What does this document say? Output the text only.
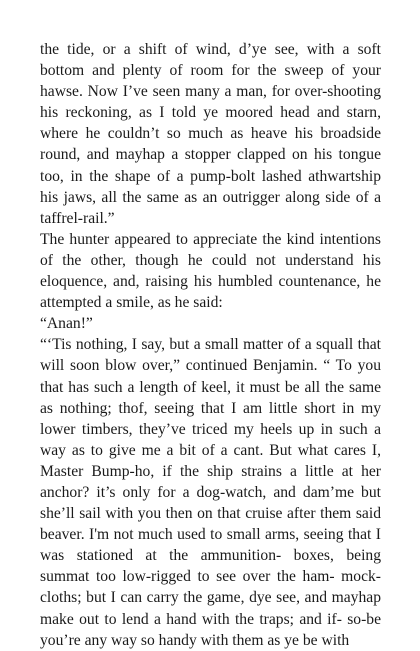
the tide, or a shift of wind, d’ye see, with a soft bottom and plenty of room for the sweep of your hawse. Now I’ve seen many a man, for over-shooting his reckoning, as I told ye moored head and starn, where he couldn’t so much as heave his broadside round, and mayhap a stopper clapped on his tongue too, in the shape of a pump-bolt lashed athwartship his jaws, all the same as an outrigger along side of a taffrel-rail.”

The hunter appeared to appreciate the kind intentions of the other, though he could not understand his eloquence, and, raising his humbled countenance, he attempted a smile, as he said:

“Anan!”

“‘Tis nothing, I say, but a small matter of a squall that will soon blow over,” continued Benjamin. “ To you that has such a length of keel, it must be all the same as nothing; thof, seeing that I am little short in my lower timbers, they’ve triced my heels up in such a way as to give me a bit of a cant. But what cares I, Master Bump-ho, if the ship strains a little at her anchor? it’s only for a dog-watch, and dam’me but she’ll sail with you then on that cruise after them said beaver. I'm not much used to small arms, seeing that I was stationed at the ammunition- boxes, being summat too low-rigged to see over the ham- mock-cloths; but I can carry the game, dye see, and mayhap make out to lend a hand with the traps; and if- so-be you’re any way so handy with them as ye be with
